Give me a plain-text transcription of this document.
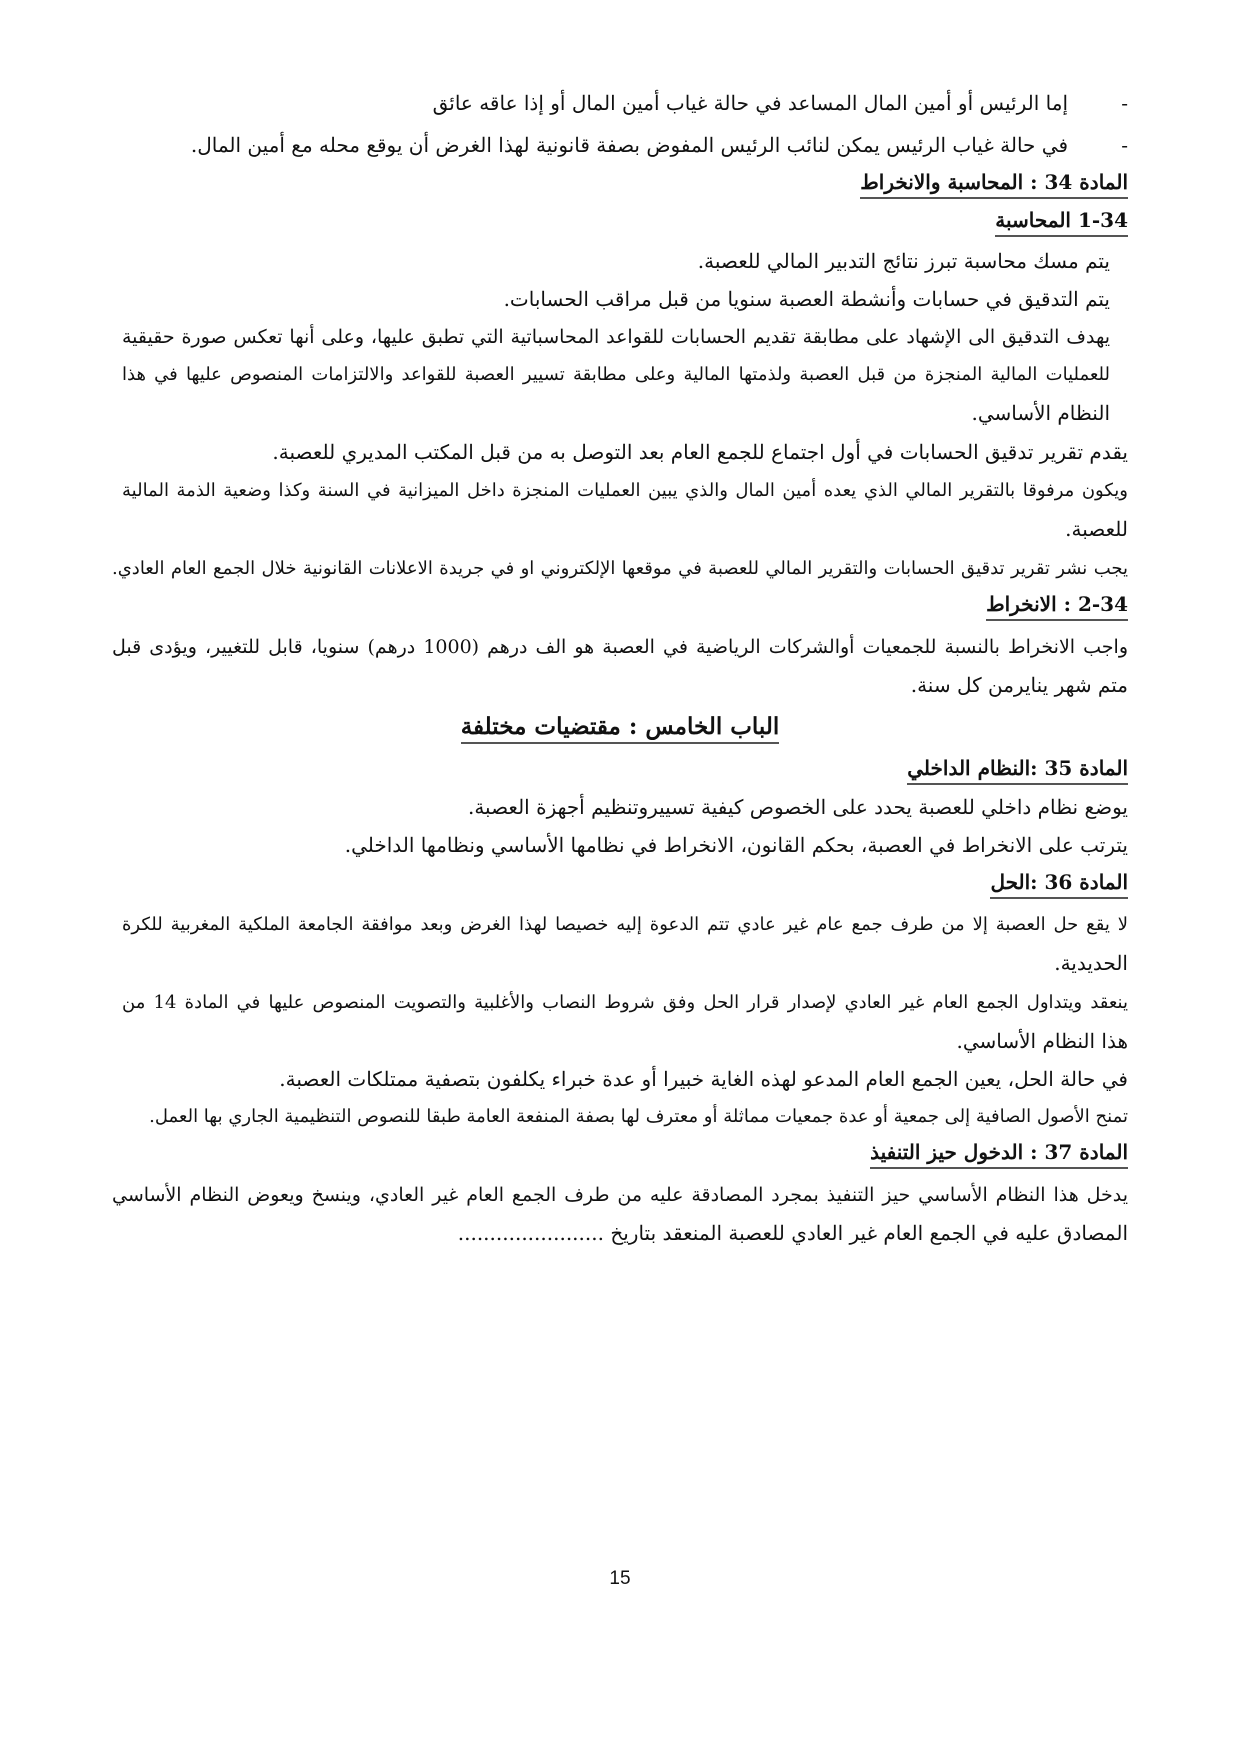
-إما الرئيس أو أمين المال المساعد في حالة غياب أمين المال أو إذا عاقه عائق
-في حالة غياب الرئيس يمكن لنائب الرئيس المفوض بصفة قانونية لهذا الغرض أن يوقع محله مع أمين المال.
المادة 34 : المحاسبة والانخراط
1-34 المحاسبة
يتم مسك محاسبة تبرز نتائج التدبير المالي للعصبة.
يتم التدقيق في حسابات وأنشطة العصبة سنويا من قبل مراقب الحسابات.
يهدف التدقيق الى الإشهاد على مطابقة تقديم الحسابات للقواعد المحاسباتية التي تطبق عليها، وعلى أنها تعكس صورة حقيقية
للعمليات المالية المنجزة من قبل العصبة ولذمتها المالية وعلى مطابقة تسيير العصبة للقواعد والالتزامات المنصوص عليها في هذا
النظام الأساسي.
يقدم تقرير تدقيق الحسابات في أول اجتماع للجمع العام بعد التوصل به من قبل المكتب المديري للعصبة.
ويكون مرفوقا بالتقرير المالي الذي يعده أمين المال والذي يبين العمليات المنجزة داخل الميزانية في السنة وكذا وضعية الذمة المالية
للعصبة.
يجب نشر تقرير تدقيق الحسابات والتقرير المالي للعصبة في موقعها الإلكتروني او في جريدة الاعلانات القانونية خلال الجمع العام العادي.
2-34 : الانخراط
واجب الانخراط بالنسبة للجمعيات أوالشركات الرياضية في العصبة هو الف درهم (1000 درهم) سنويا، قابل للتغيير، ويؤدى قبل
متم شهر ينايرمن كل سنة.
الباب الخامس : مقتضيات مختلفة
المادة 35 :النظام الداخلي
يوضع نظام داخلي للعصبة يحدد على الخصوص كيفية تسييروتنظيم أجهزة العصبة.
يترتب على الانخراط في العصبة، بحكم القانون، الانخراط في نظامها الأساسي ونظامها الداخلي.
المادة 36 :الحل
لا يقع حل العصبة إلا من طرف جمع عام غير عادي تتم الدعوة إليه خصيصا لهذا الغرض وبعد موافقة الجامعة الملكية المغربية للكرة
الحديدية.
ينعقد ويتداول الجمع العام غير العادي لإصدار قرار الحل وفق شروط النصاب والأغلبية والتصويت المنصوص عليها في المادة 14 من
هذا النظام الأساسي.
في حالة الحل، يعين الجمع العام المدعو لهذه الغاية خبيرا أو عدة خبراء يكلفون بتصفية ممتلكات العصبة.
تمنح الأصول الصافية إلى جمعية أو عدة جمعيات مماثلة أو معترف لها بصفة المنفعة العامة طبقا للنصوص التنظيمية الجاري بها العمل.
المادة 37 : الدخول حيز التنفيذ
يدخل هذا النظام الأساسي حيز التنفيذ بمجرد المصادقة عليه من طرف الجمع العام غير العادي، وينسخ ويعوض النظام الأساسي
المصادق عليه في الجمع العام غير العادي للعصبة المنعقد بتاريخ .......................
15
